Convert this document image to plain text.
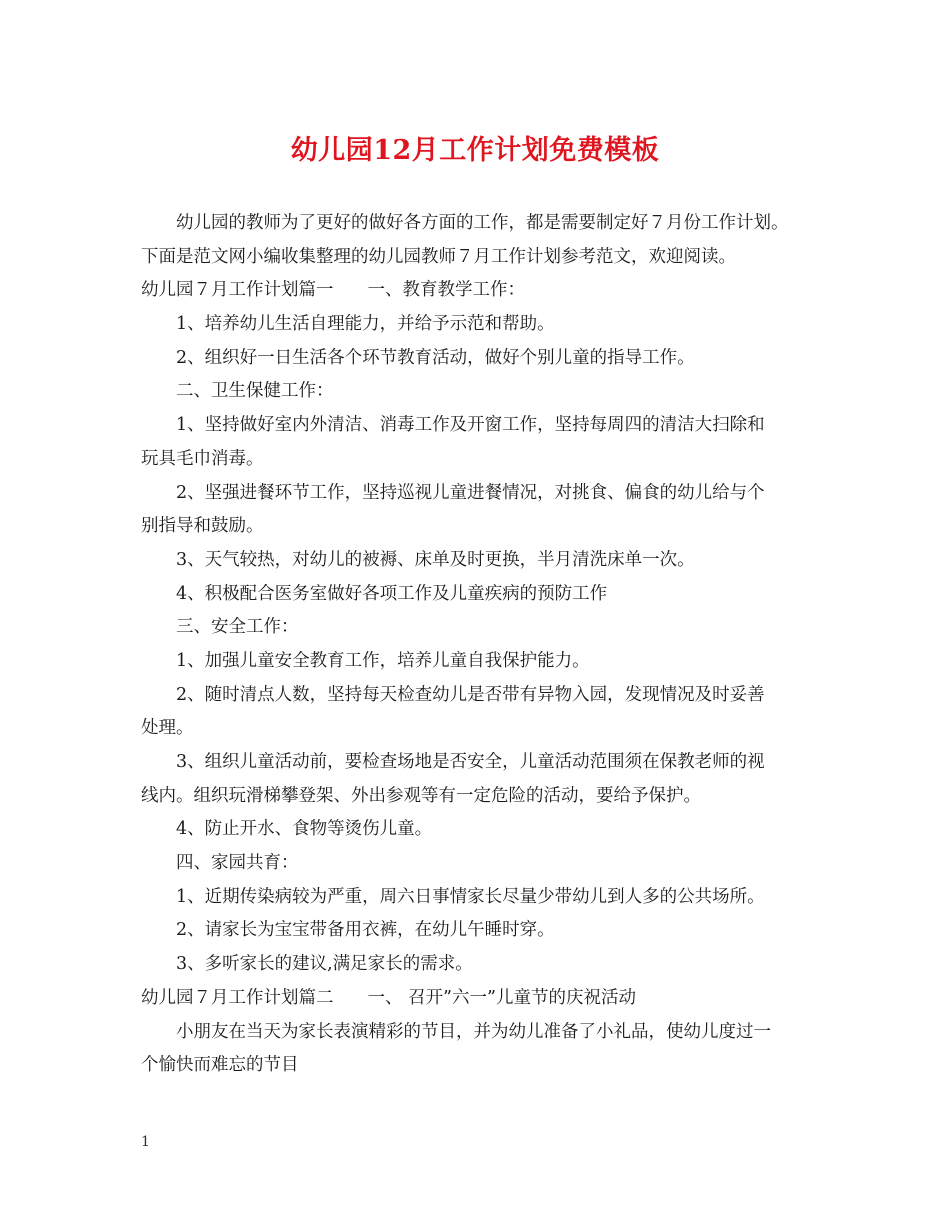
幼儿园12月工作计划免费模板
幼儿园的教师为了更好的做好各方面的工作，都是需要制定好７月份工作计划。
下面是范文网小编收集整理的幼儿园教师７月工作计划参考范文，欢迎阅读。
幼儿园７月工作计划篇一 一、教育教学工作：
1、培养幼儿生活自理能力，并给予示范和帮助。
2、组织好一日生活各个环节教育活动，做好个别儿童的指导工作。
二、卫生保健工作：
1、坚持做好室内外清洁、消毒工作及开窗工作，坚持每周四的清洁大扫除和
玩具毛巾消毒。
2、坚强进餐环节工作，坚持巡视儿童进餐情况，对挑食、偏食的幼儿给与个
别指导和鼓励。
3、天气较热，对幼儿的被褥、床单及时更换，半月清洗床单一次。
4、积极配合医务室做好各项工作及儿童疾病的预防工作
三、安全工作：
1、加强儿童安全教育工作，培养儿童自我保护能力。
2、随时清点人数，坚持每天检查幼儿是否带有异物入园，发现情况及时妥善
处理。
3、组织儿童活动前，要检查场地是否安全，儿童活动范围须在保教老师的视
线内。组织玩滑梯攀登架、外出参观等有一定危险的活动，要给予保护。
4、防止开水、食物等烫伤儿童。
四、家园共育：
1、近期传染病较为严重，周六日事情家长尽量少带幼儿到人多的公共场所。
2、请家长为宝宝带备用衣裤，在幼儿午睡时穿。
3、多听家长的建议,满足家长的需求。
幼儿园７月工作计划篇二 一、 召开”六一”儿童节的庆祝活动
小朋友在当天为家长表演精彩的节目，并为幼儿准备了小礼品，使幼儿度过一
个愉快而难忘的节目
1
